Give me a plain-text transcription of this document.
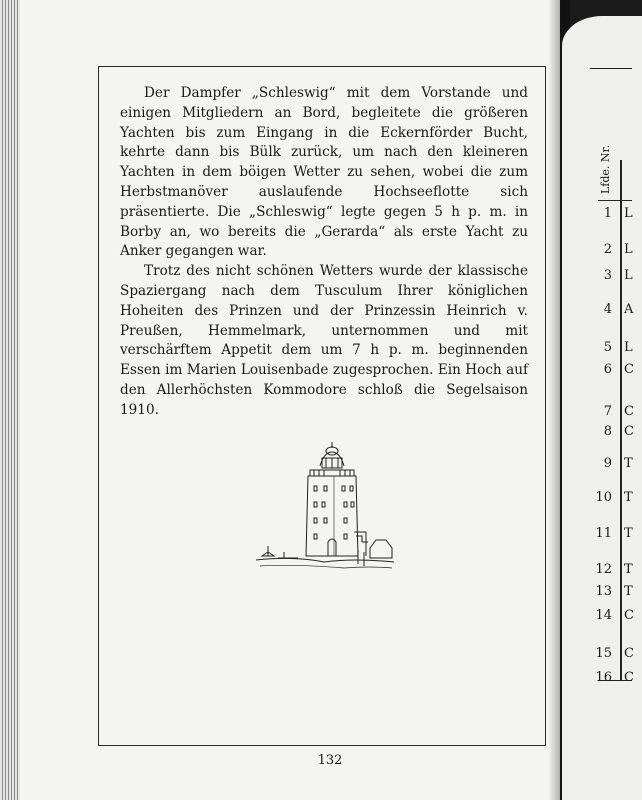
Der Dampfer „Schleswig“ mit dem Vorstande und einigen Mitgliedern an Bord, begleitete die größeren Yachten bis zum Eingang in die Eckernförder Bucht, kehrte dann bis Bülk zurück, um nach den kleineren Yachten in dem böigen Wetter zu sehen, wobei die zum Herbstmanöver auslaufende Hochseeflotte sich präsentierte. Die „Schleswig“ legte gegen 5 h p. m. in Borby an, wo bereits die „Gerarda“ als erste Yacht zu Anker gegangen war.

Trotz des nicht schönen Wetters wurde der klassische Spaziergang nach dem Tusculum Ihrer königlichen Hoheiten des Prinzen und der Prinzessin Heinrich v. Preußen, Hemmelmark, unternommen und mit verschärftem Appetit dem um 7 h p. m. beginnenden Essen im Marien Louisenbade zugesprochen. Ein Hoch auf den Allerhöchsten Kommodore schloß die Segelsaison 1910.

132
1 L
2 L
3 L
4 A
5 L
6 C
7 C
8 C
9 T
10 T
11 T
12 T
13 T
14 C
15 C
16 C
